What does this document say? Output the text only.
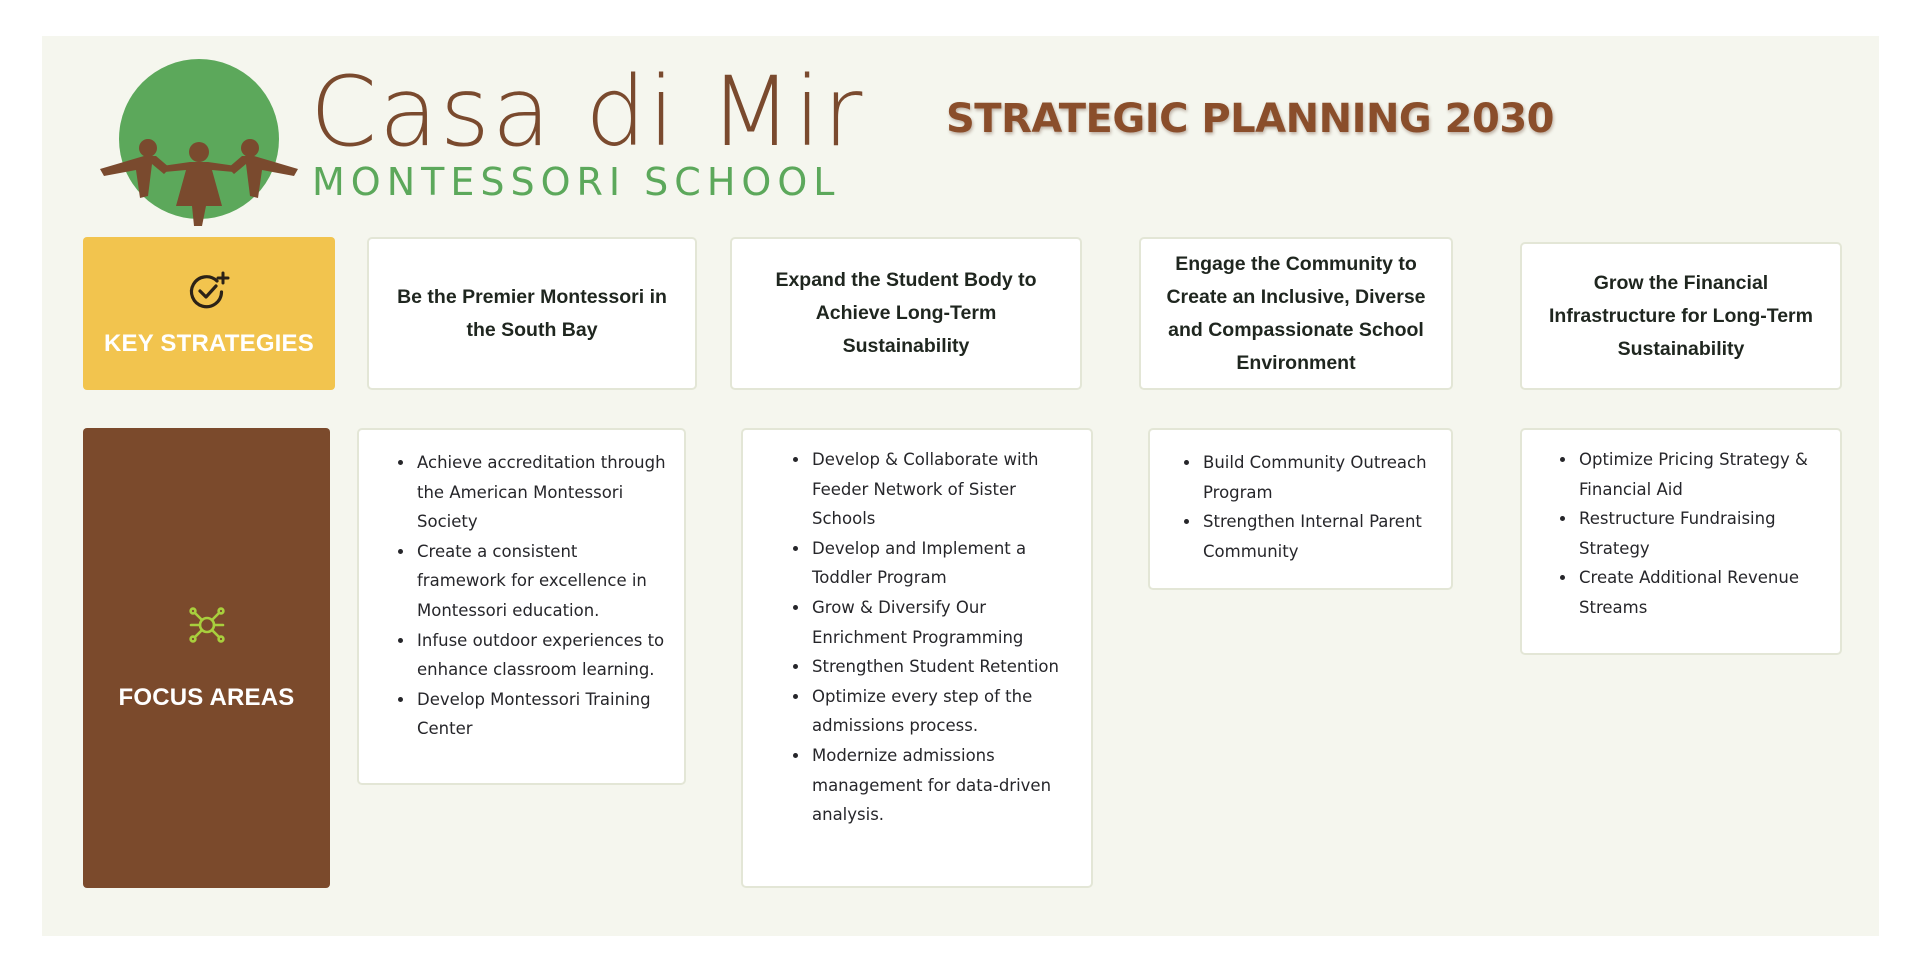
Casa di Mir
MONTESSORI SCHOOL
STRATEGIC PLANNING 2030
KEY STRATEGIES
FOCUS AREAS
Be the Premier Montessori in the South Bay
Expand the Student Body to Achieve Long-Term Sustainability
Engage the Community to Create an Inclusive, Diverse and Compassionate School Environment
Grow the Financial Infrastructure for Long-Term Sustainability
• Achieve accreditation through the American Montessori Society
• Create a consistent framework for excellence in Montessori education.
• Infuse outdoor experiences to enhance classroom learning.
• Develop Montessori Training Center
• Develop & Collaborate with Feeder Network of Sister Schools
• Develop and Implement a Toddler Program
• Grow & Diversify Our Enrichment Programming
• Strengthen Student Retention
• Optimize every step of the admissions process.
• Modernize admissions management for data-driven analysis.
• Build Community Outreach Program
• Strengthen Internal Parent Community
• Optimize Pricing Strategy & Financial Aid
• Restructure Fundraising Strategy
• Create Additional Revenue Streams
